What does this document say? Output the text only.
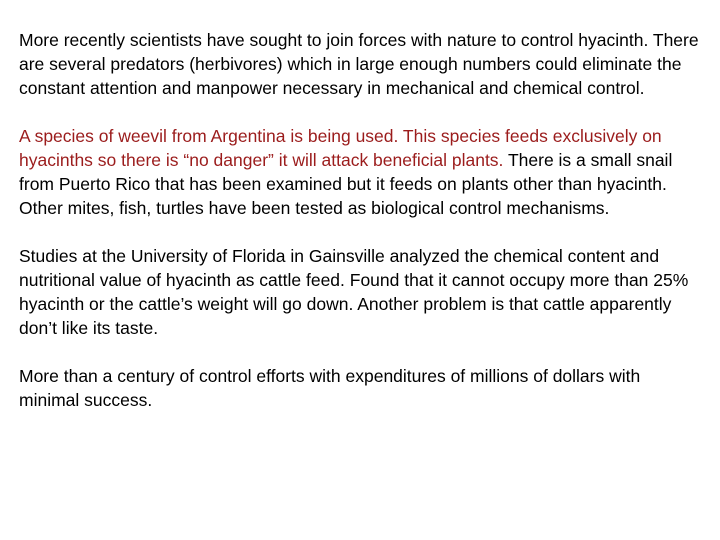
More recently scientists have sought to join forces with nature to control hyacinth. There are several predators (herbivores) which in large enough numbers could eliminate the constant attention and manpower necessary in mechanical and chemical control.

A species of weevil from Argentina is being used. This species feeds exclusively on hyacinths so there is “no danger” it will attack beneficial plants. There is a small snail from Puerto Rico that has been examined but it feeds on plants other than hyacinth. Other mites, fish, turtles have been tested as biological control mechanisms.

Studies at the University of Florida in Gainsville analyzed the chemical content and nutritional value of hyacinth as cattle feed. Found that it cannot occupy more than 25% hyacinth or the cattle’s weight will go down. Another problem is that cattle apparently don’t like its taste.

More than a century of control efforts with expenditures of millions of dollars with minimal success.
